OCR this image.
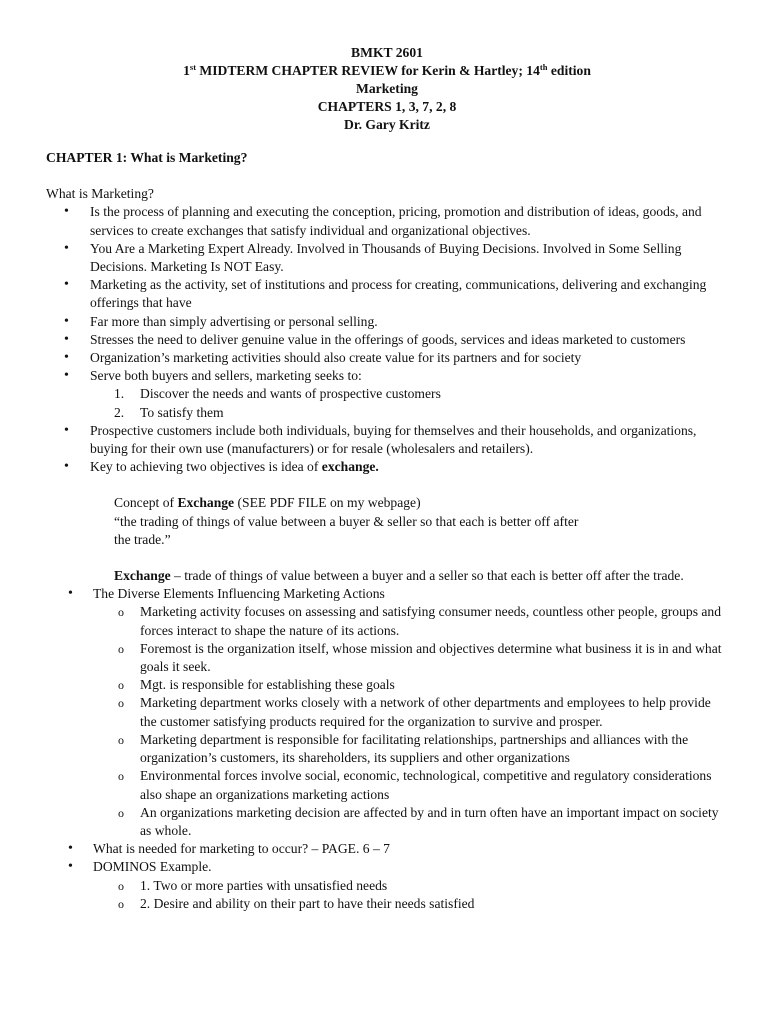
BMKT 2601
1st MIDTERM CHAPTER REVIEW for Kerin & Hartley; 14th edition
Marketing
CHAPTERS 1, 3, 7, 2, 8
Dr. Gary Kritz
CHAPTER 1: What is Marketing?

What is Marketing?

• Is the process of planning and executing the conception, pricing, promotion and distribution of ideas, goods, and services to create exchanges that satisfy individual and organizational objectives.
• You Are a Marketing Expert Already. Involved in Thousands of Buying Decisions. Involved in Some Selling Decisions. Marketing Is NOT Easy.
• Marketing as the activity, set of institutions and process for creating, communications, delivering and exchanging offerings that have
• Far more than simply advertising or personal selling.
• Stresses the need to deliver genuine value in the offerings of goods, services and ideas marketed to customers
• Organization’s marketing activities should also create value for its partners and for society
• Serve both buyers and sellers, marketing seeks to:
1. Discover the needs and wants of prospective customers
2. To satisfy them
• Prospective customers include both individuals, buying for themselves and their households, and organizations, buying for their own use (manufacturers) or for resale (wholesalers and retailers).
• Key to achieving two objectives is idea of exchange.
Concept of Exchange (SEE PDF FILE on my webpage)
“the trading of things of value between a buyer & seller so that each is better off after
the trade.”
Exchange – trade of things of value between a buyer and a seller so that each is better off after the trade.
• The Diverse Elements Influencing Marketing Actions
o Marketing activity focuses on assessing and satisfying consumer needs, countless other people, groups and forces interact to shape the nature of its actions.
o Foremost is the organization itself, whose mission and objectives determine what business it is in and what goals it seek.
o Mgt. is responsible for establishing these goals
o Marketing department works closely with a network of other departments and employees to help provide the customer satisfying products required for the organization to survive and prosper.
o Marketing department is responsible for facilitating relationships, partnerships and alliances with the organization’s customers, its shareholders, its suppliers and other organizations
o Environmental forces involve social, economic, technological, competitive and regulatory considerations also shape an organizations marketing actions
o An organizations marketing decision are affected by and in turn often have an important impact on society as whole.
• What is needed for marketing to occur? – PAGE. 6 – 7
• DOMINOS Example.
o 1. Two or more parties with unsatisfied needs
o 2. Desire and ability on their part to have their needs satisfied
